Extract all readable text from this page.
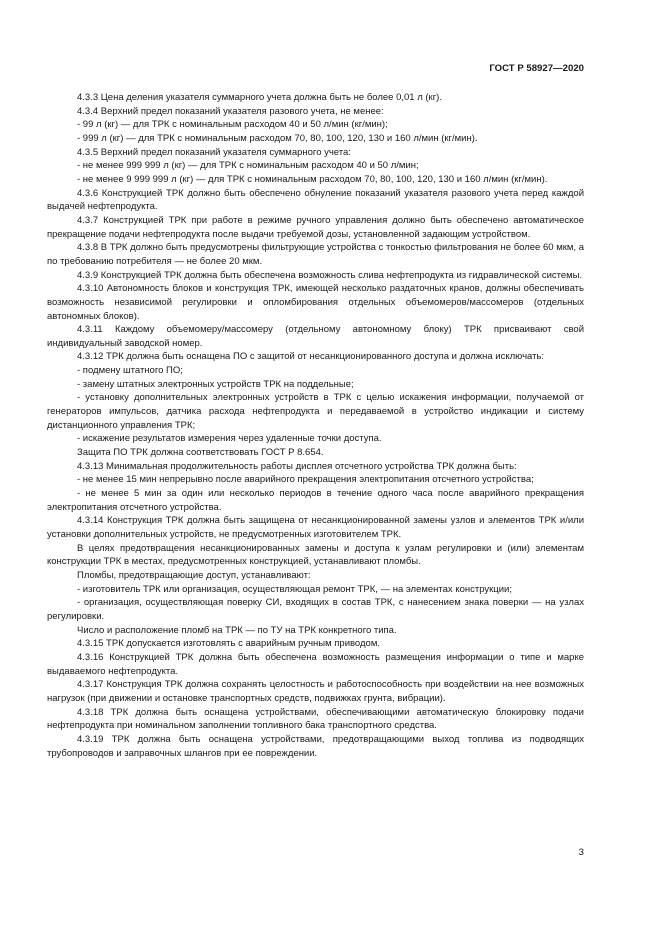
ГОСТ Р 58927—2020

4.3.3 Цена деления указателя суммарного учета должна быть не более 0,01 л (кг).

4.3.4 Верхний предел показаний указателя разового учета, не менее:

- 99 л (кг) — для ТРК с номинальным расходом 40 и 50 л/мин (кг/мин);

- 999 л (кг) — для ТРК с номинальным расходом 70, 80, 100, 120, 130 и 160 л/мин (кг/мин).

4.3.5 Верхний предел показаний указателя суммарного учета:

- не менее 999 999 л (кг) — для ТРК с номинальным расходом 40 и 50 л/мин;

- не менее 9 999 999 л (кг) — для ТРК с номинальным расходом 70, 80, 100, 120, 130 и 160 л/мин (кг/мин).

4.3.6 Конструкцией ТРК должно быть обеспечено обнуление показаний указателя разового учета перед каждой выдачей нефтепродукта.

4.3.7 Конструкцией ТРК при работе в режиме ручного управления должно быть обеспечено автоматическое прекращение подачи нефтепродукта после выдачи требуемой дозы, установленной задающим устройством.

4.3.8 В ТРК должно быть предусмотрены фильтрующие устройства с тонкостью фильтрования не более 60 мкм, а по требованию потребителя — не более 20 мкм.

4.3.9 Конструкцией ТРК должна быть обеспечена возможность слива нефтепродукта из гидравлической системы.

4.3.10 Автономность блоков и конструкция ТРК, имеющей несколько раздаточных кранов, должны обеспечивать возможность независимой регулировки и опломбирования отдельных объемомеров/массомеров (отдельных автономных блоков).

4.3.11 Каждому объемомеру/массомеру (отдельному автономному блоку) ТРК присваивают свой индивидуальный заводской номер.

4.3.12 ТРК должна быть оснащена ПО с защитой от несанкционированного доступа и должна исключать:

- подмену штатного ПО;

- замену штатных электронных устройств ТРК на поддельные;

- установку дополнительных электронных устройств в ТРК с целью искажения информации, получаемой от генераторов импульсов, датчика расхода нефтепродукта и передаваемой в устройство индикации и систему дистанционного управления ТРК;

- искажение результатов измерения через удаленные точки доступа.

Защита ПО ТРК должна соответствовать ГОСТ Р 8.654.

4.3.13 Минимальная продолжительность работы дисплея отсчетного устройства ТРК должна быть:

- не менее 15 мин непрерывно после аварийного прекращения электропитания отсчетного устройства;

- не менее 5 мин за один или несколько периодов в течение одного часа после аварийного прекращения электропитания отсчетного устройства.

4.3.14 Конструкция ТРК должна быть защищена от несанкционированной замены узлов и элементов ТРК и/или установки дополнительных устройств, не предусмотренных изготовителем ТРК.

В целях предотвращения несанкционированных замены и доступа к узлам регулировки и (или) элементам конструкции ТРК в местах, предусмотренных конструкцией, устанавливают пломбы.

Пломбы, предотвращающие доступ, устанавливают:

- изготовитель ТРК или организация, осуществляющая ремонт ТРК, — на элементах конструкции;

- организация, осуществляющая поверку СИ, входящих в состав ТРК, с нанесением знака поверки — на узлах регулировки.

Число и расположение пломб на ТРК — по ТУ на ТРК конкретного типа.

4.3.15 ТРК допускается изготовлять с аварийным ручным приводом.

4.3.16 Конструкцией ТРК должна быть обеспечена возможность размещения информации о типе и марке выдаваемого нефтепродукта.

4.3.17 Конструкция ТРК должна сохранять целостность и работоспособность при воздействии на нее возможных нагрузок (при движении и остановке транспортных средств, подвижках грунта, вибрации).

4.3.18 ТРК должна быть оснащена устройствами, обеспечивающими автоматическую блокировку подачи нефтепродукта при номинальном заполнении топливного бака транспортного средства.

4.3.19 ТРК должна быть оснащена устройствами, предотвращающими выход топлива из подводящих трубопроводов и заправочных шлангов при ее повреждении.

3
